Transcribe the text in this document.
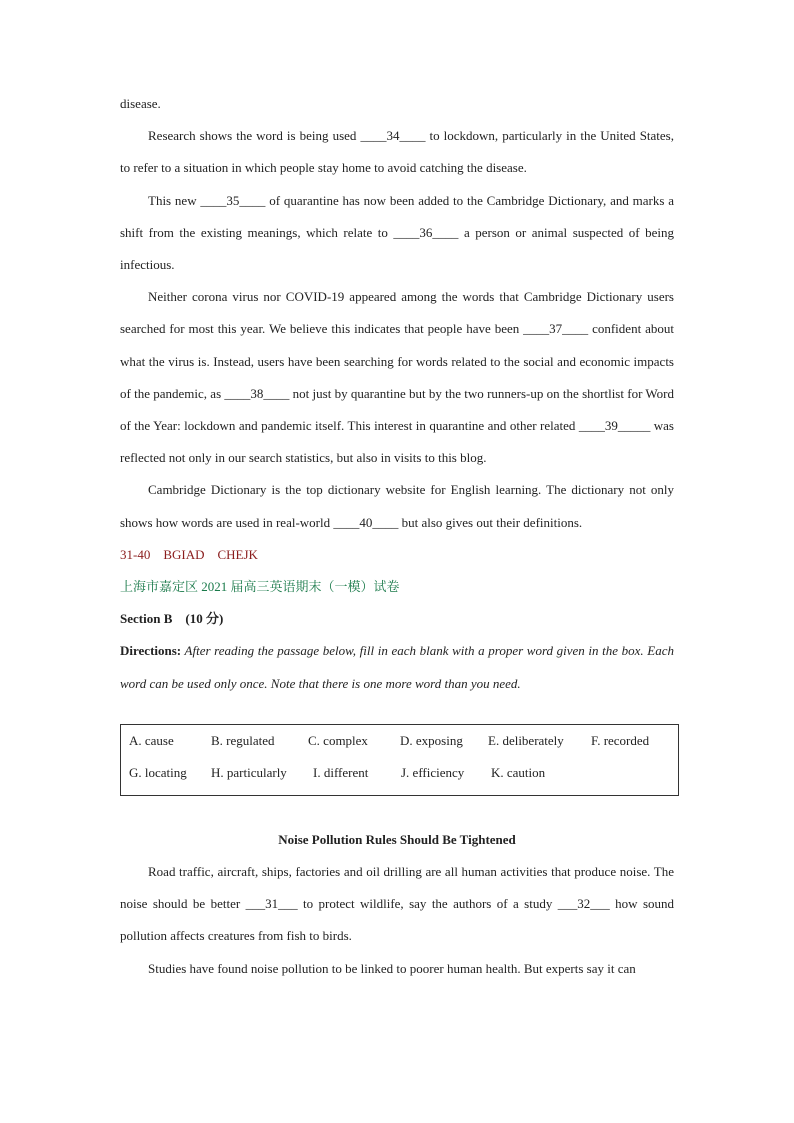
disease.

Research shows the word is being used ____34____ to lockdown, particularly in the United States, to refer to a situation in which people stay home to avoid catching the disease.

This new ____35____ of quarantine has now been added to the Cambridge Dictionary, and marks a shift from the existing meanings, which relate to ____36____ a person or animal suspected of being infectious.

Neither corona virus nor COVID-19 appeared among the words that Cambridge Dictionary users searched for most this year. We believe this indicates that people have been ____37____ confident about what the virus is. Instead, users have been searching for words related to the social and economic impacts of the pandemic, as ____38____ not just by quarantine but by the two runners-up on the shortlist for Word of the Year: lockdown and pandemic itself. This interest in quarantine and other related ____39_____ was reflected not only in our search statistics, but also in visits to this blog.

Cambridge Dictionary is the top dictionary website for English learning. The dictionary not only shows how words are used in real-world ____40____ but also gives out their definitions.

31-40　BGIAD　CHEJK

上海市嘉定区 2021 届高三英语期末（一模）试卷

Section B　(10 分)

Directions: After reading the passage below, fill in each blank with a proper word given in the box. Each word can be used only once. Note that there is one more word than you need.

A. cause	B. regulated	C. complex	D. exposing	E. deliberately	F. recorded
G. locating	H. particularly	I. different	J. efficiency	K. caution

Noise Pollution Rules Should Be Tightened

Road traffic, aircraft, ships, factories and oil drilling are all human activities that produce noise. The noise should be better ___31___ to protect wildlife, say the authors of a study ___32___ how sound pollution affects creatures from fish to birds.

Studies have found noise pollution to be linked to poorer human health. But experts say it can
